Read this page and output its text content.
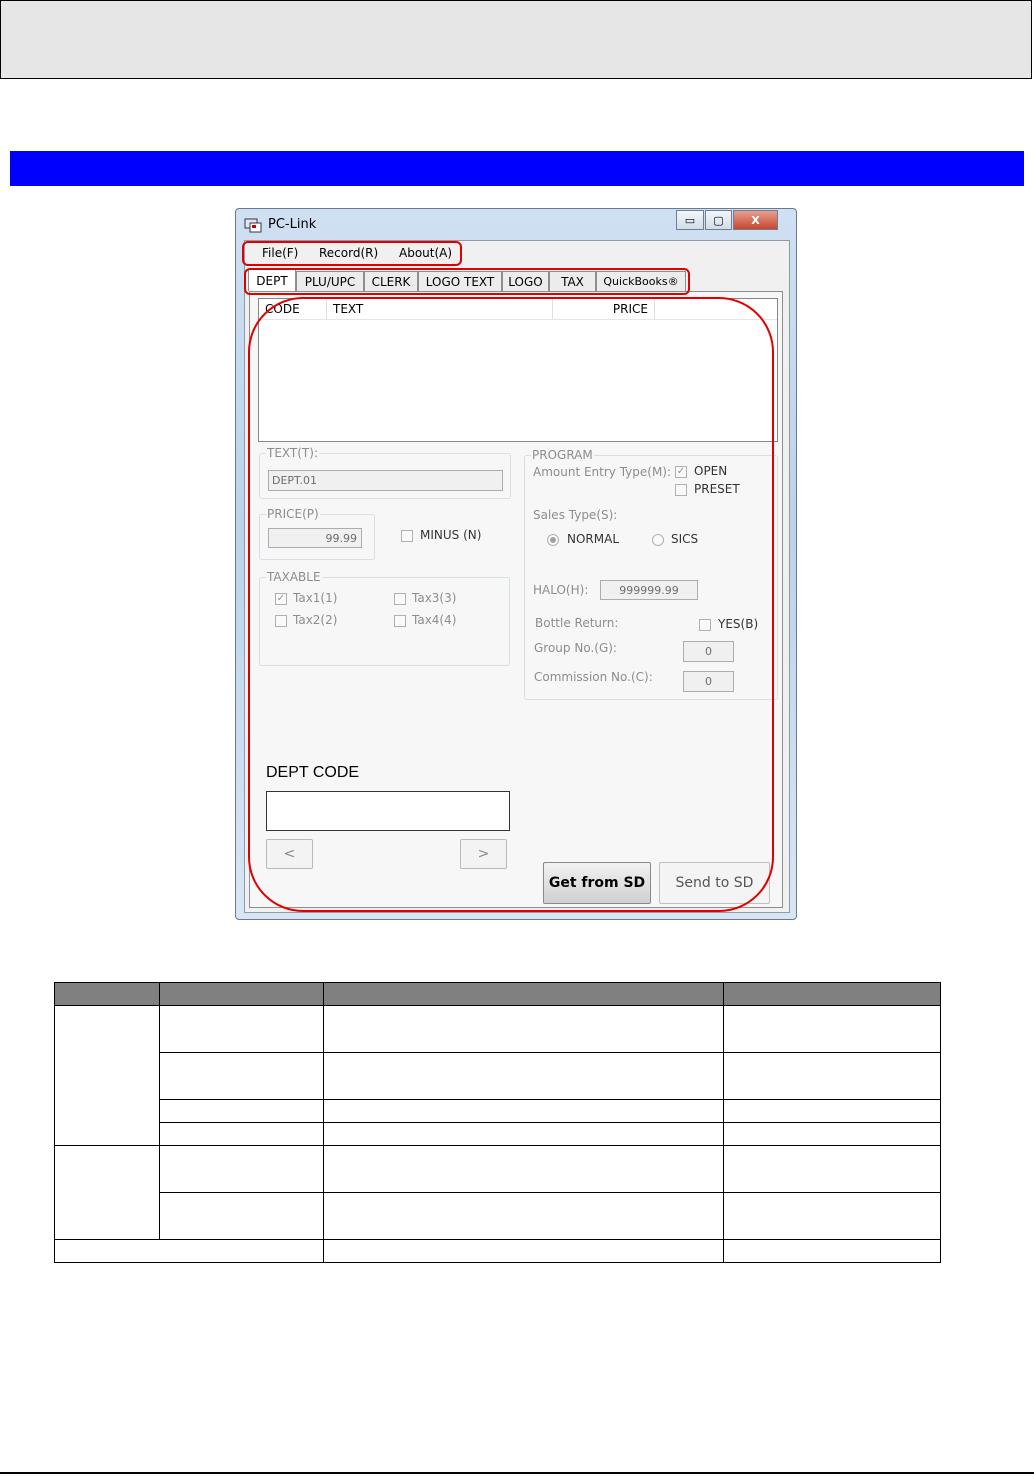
PC-Link	▭ ▢	X
File(F) Record(R) About(A)
DEPT	PLU/UPC	CLERK	LOGO TEXT	LOGO	TAX	QuickBooks®
CODE	TEXT	PRICE
TEXT(T):
DEPT.01
PRICE(P)
99.99	MINUS (N)
TAXABLE
✓ Tax1(1)	Tax3(3)
Tax2(2)	Tax4(4)
PROGRAM
Amount Entry Type(M): ✓ OPEN
PRESET
Sales Type(S):
NORMAL	SICS
HALO(H):	999999.99
Bottle Return:	YES(B)
Group No.(G):	0
Commission No.(C):	0
DEPT CODE
<	>
Get from SD	Send to SD
